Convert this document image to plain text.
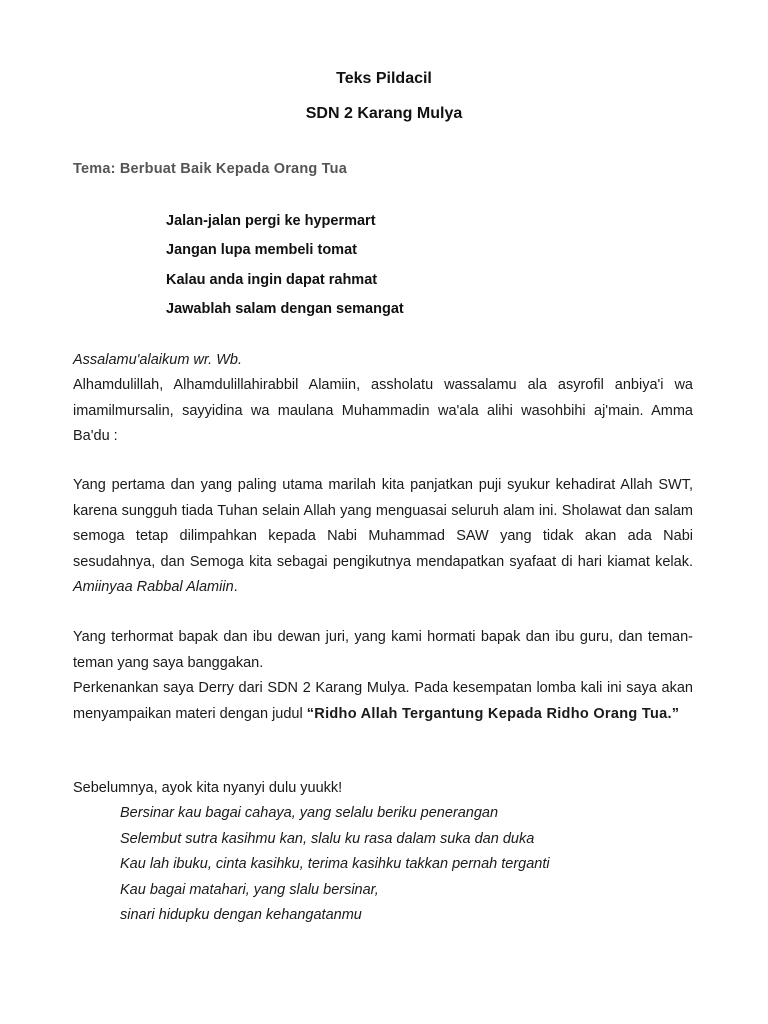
Teks Pildacil
SDN 2 Karang Mulya
Tema: Berbuat Baik Kepada Orang Tua
Jalan-jalan pergi ke hypermart
Jangan lupa membeli tomat
Kalau anda ingin dapat rahmat
Jawablah salam dengan semangat

Assalamu'alaikum wr. Wb.

Alhamdulillah, Alhamdulillahirabbil Alamiin, assholatu wassalamu ala asyrofil anbiya'i wa imamilmursalin, sayyidina wa maulana Muhammadin wa'ala alihi wasohbihi aj'main. Amma Ba'du :

Yang pertama dan yang paling utama marilah kita panjatkan puji syukur kehadirat Allah SWT, karena sungguh tiada Tuhan selain Allah yang menguasai seluruh alam ini. Sholawat dan salam semoga tetap dilimpahkan kepada Nabi Muhammad SAW yang tidak akan ada Nabi sesudahnya, dan Semoga kita sebagai pengikutnya mendapatkan syafaat di hari kiamat kelak. Amiinyaa Rabbal Alamiin.

Yang terhormat bapak dan ibu dewan juri, yang kami hormati bapak dan ibu guru, dan teman-teman yang saya banggakan.

Perkenankan saya Derry dari SDN 2 Karang Mulya. Pada kesempatan lomba kali ini saya akan menyampaikan materi dengan judul “Ridho Allah Tergantung Kepada Ridho Orang Tua.”

Sebelumnya, ayok kita nyanyi dulu yuukk!

Bersinar kau bagai cahaya, yang selalu beriku penerangan
Selembut sutra kasihmu kan, slalu ku rasa dalam suka dan duka
Kau lah ibuku, cinta kasihku, terima kasihku takkan pernah terganti
Kau bagai matahari, yang slalu bersinar,
sinari hidupku dengan kehangatanmu
